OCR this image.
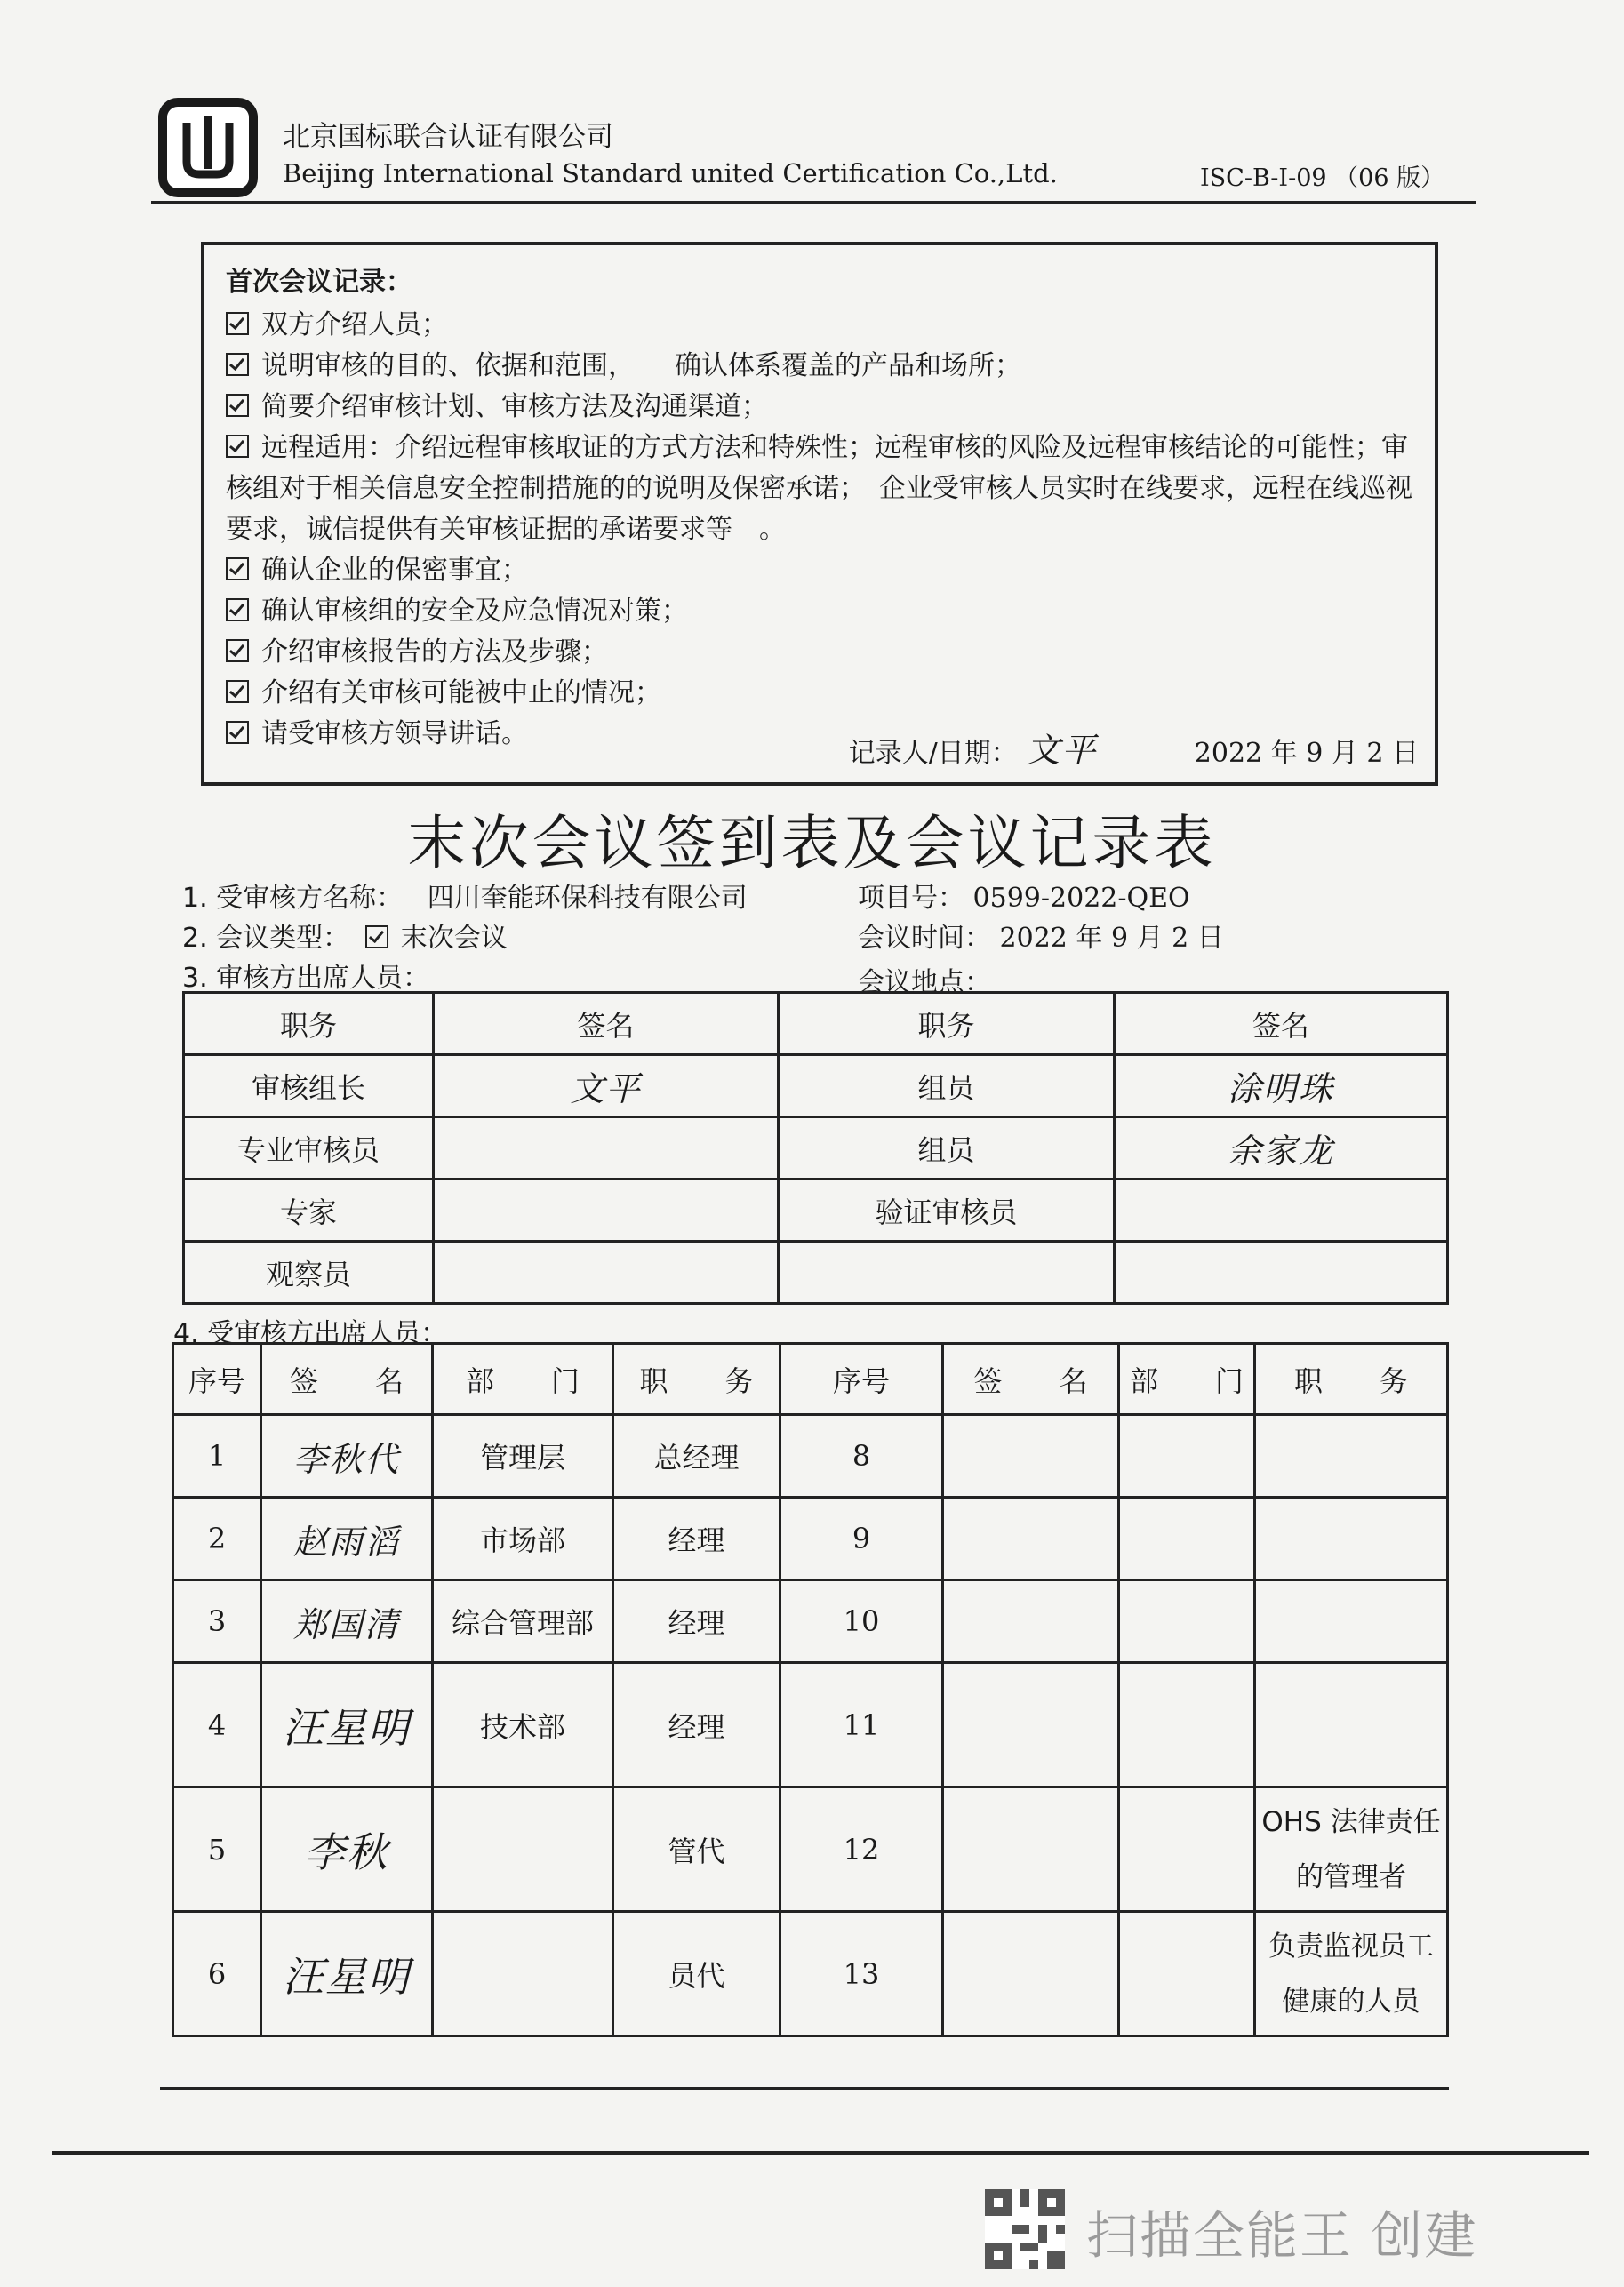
北京国标联合认证有限公司
Beijing International Standard united Certification Co.,Ltd.	ISC-B-I-09 （06 版）
首次会议记录：
双方介绍人员；
说明审核的目的、依据和范围，　　确认体系覆盖的产品和场所；
简要介绍审核计划、审核方法及沟通渠道；
远程适用：介绍远程审核取证的方式方法和特殊性；远程审核的风险及远程审核结论的可能性；审
核组对于相关信息安全控制措施的的说明及保密承诺；　企业受审核人员实时在线要求，远程在线巡视
要求，诚信提供有关审核证据的承诺要求等　。
确认企业的保密事宜；
确认审核组的安全及应急情况对策；
介绍审核报告的方法及步骤；
介绍有关审核可能被中止的情况；
请受审核方领导讲话。
记录人/日期： 文平	2022 年 9 月 2 日
末次会议签到表及会议记录表
1. 受审核方名称： 四川奎能环保科技有限公司	项目号： 0599-2022-QEO
2. 会议类型： 末次会议	会议时间： 2022 年 9 月 2 日
3. 审核方出席人员：	会议地点：
职务	签名	职务	签名
审核组长	文平	组员	涂明珠
专业审核员		组员	余家龙
专家		验证审核员	
观察员			
4. 受审核方出席人员：
序号	签　　名	部　　门	职　　务	序号	签　　名	部　　门	职　　务
1	李秋代	管理层	总经理	8			
2	赵雨滔	市场部	经理	9			
3	郑国清	综合管理部	经理	10			
4	汪星明	技术部	经理	11			
5	李秋		管代	12			OHS 法律责任的管理者
6	汪星明		员代	13			负责监视员工健康的人员
扫描全能王 创建
